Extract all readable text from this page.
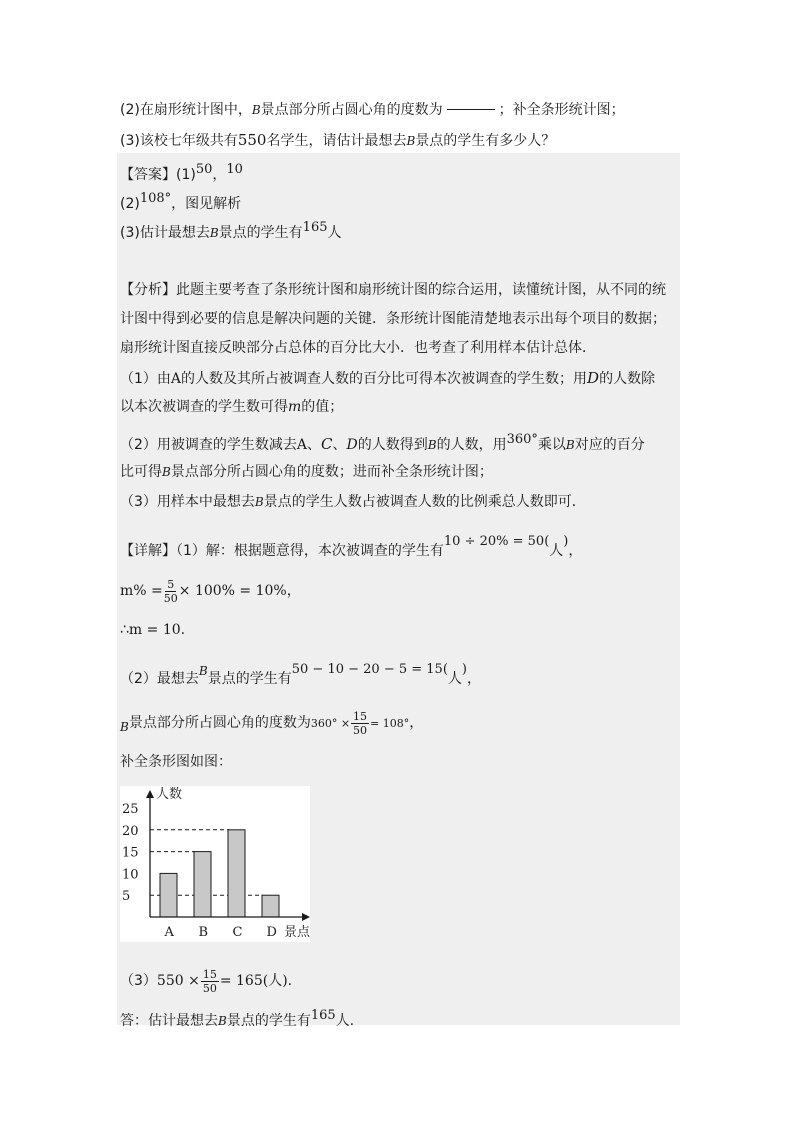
(2)在扇形统计图中，B景点部分所占圆心角的度数为	；补全条形统计图；
(3)该校七年级共有550名学生，请估计最想去B景点的学生有多少人？
【答案】(1)50，10
(2)108°，图见解析
(3)估计最想去B景点的学生有165人
【分析】此题主要考查了条形统计图和扇形统计图的综合运用，读懂统计图，从不同的统
计图中得到必要的信息是解决问题的关键．条形统计图能清楚地表示出每个项目的数据；
扇形统计图直接反映部分占总体的百分比大小．也考查了利用样本估计总体．
（1）由A的人数及其所占被调查人数的百分比可得本次被调查的学生数；用D的人数除
以本次被调查的学生数可得m的值；
（2）用被调查的学生数减去A、C、D的人数得到B的人数，用360°乘以B对应的百分
比可得B景点部分所占圆心角的度数；进而补全条形统计图；
（3）用样本中最想去B景点的学生人数占被调查人数的比例乘总人数即可．
【详解】（1）解：根据题意得，本次被调查的学生有10 ÷ 20% = 50(人)，
$m\% = \frac{5}{50} \times 100\% = 10\%$，
∴m = 10.
（2）最想去B景点的学生有50 − 10 − 20 − 5 = 15(人)，
B景点部分所占圆心角的度数为$360^\circ \times \frac{15}{50} = 108^\circ$，
补全条形图如图：
5
10
15
20
25
A B C D
人数
景点
$(3)550 \times \frac{15}{50} = 165$(人).
答：估计最想去B景点的学生有165人.
